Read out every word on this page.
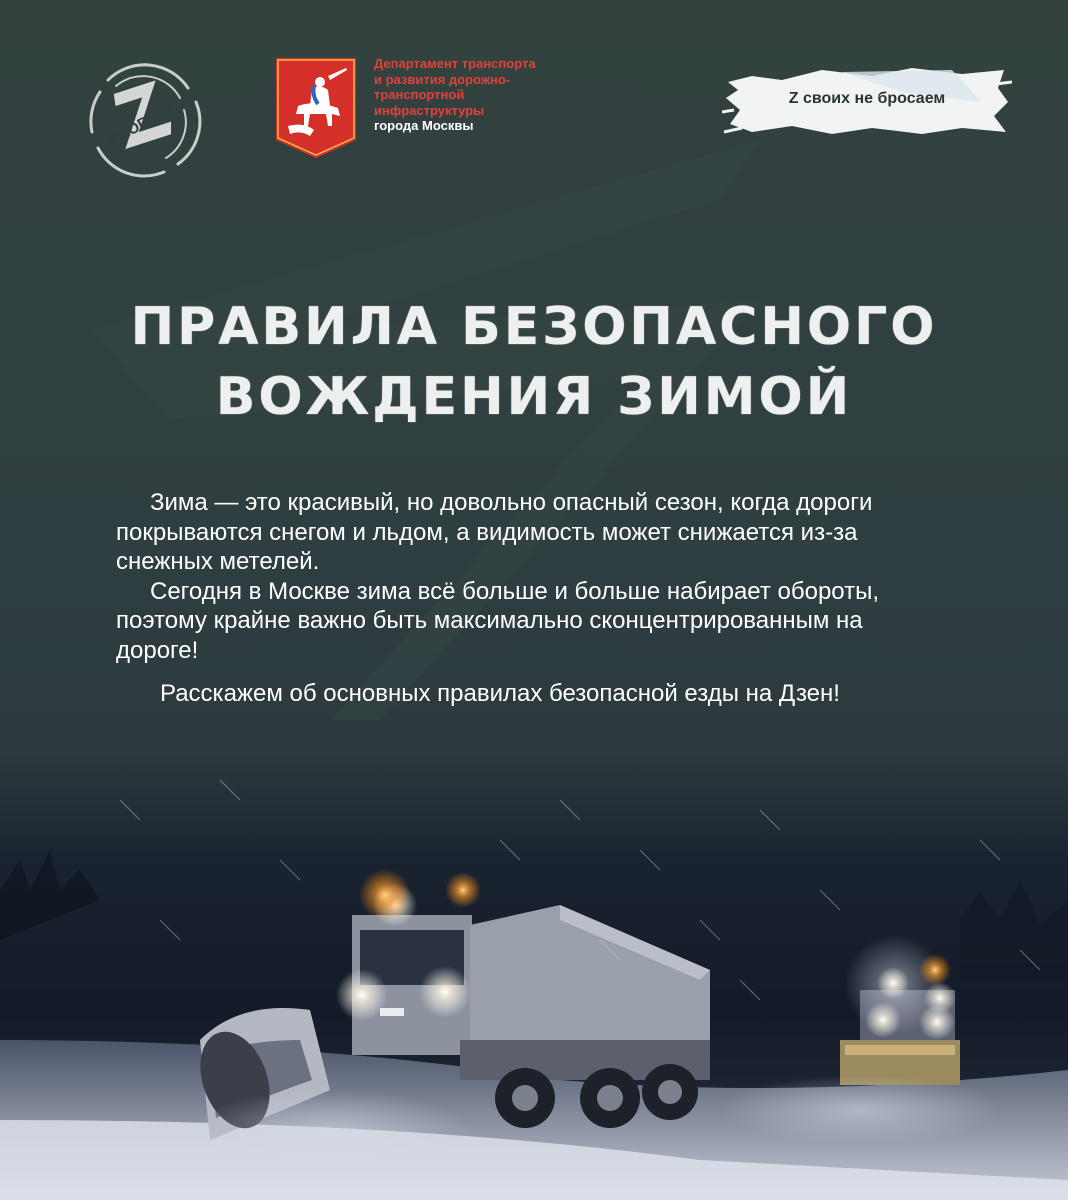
PROPUSK
Департамент транспорта
и развития дорожно-
транспортной
инфраструктуры
города Москвы
Z своих не бросаем
ПРАВИЛА БЕЗОПАСНОГО
ВОЖДЕНИЯ ЗИМОЙ

Зима — это красивый, но довольно опасный сезон, когда дороги покрываются снегом и льдом, а видимость может снижается из-за снежных метелей.

Сегодня в Москве зима всё больше и больше набирает обороты, поэтому крайне важно быть максимально сконцентрированным на дороге!

Расскажем об основных правилах безопасной езды на Дзен!
